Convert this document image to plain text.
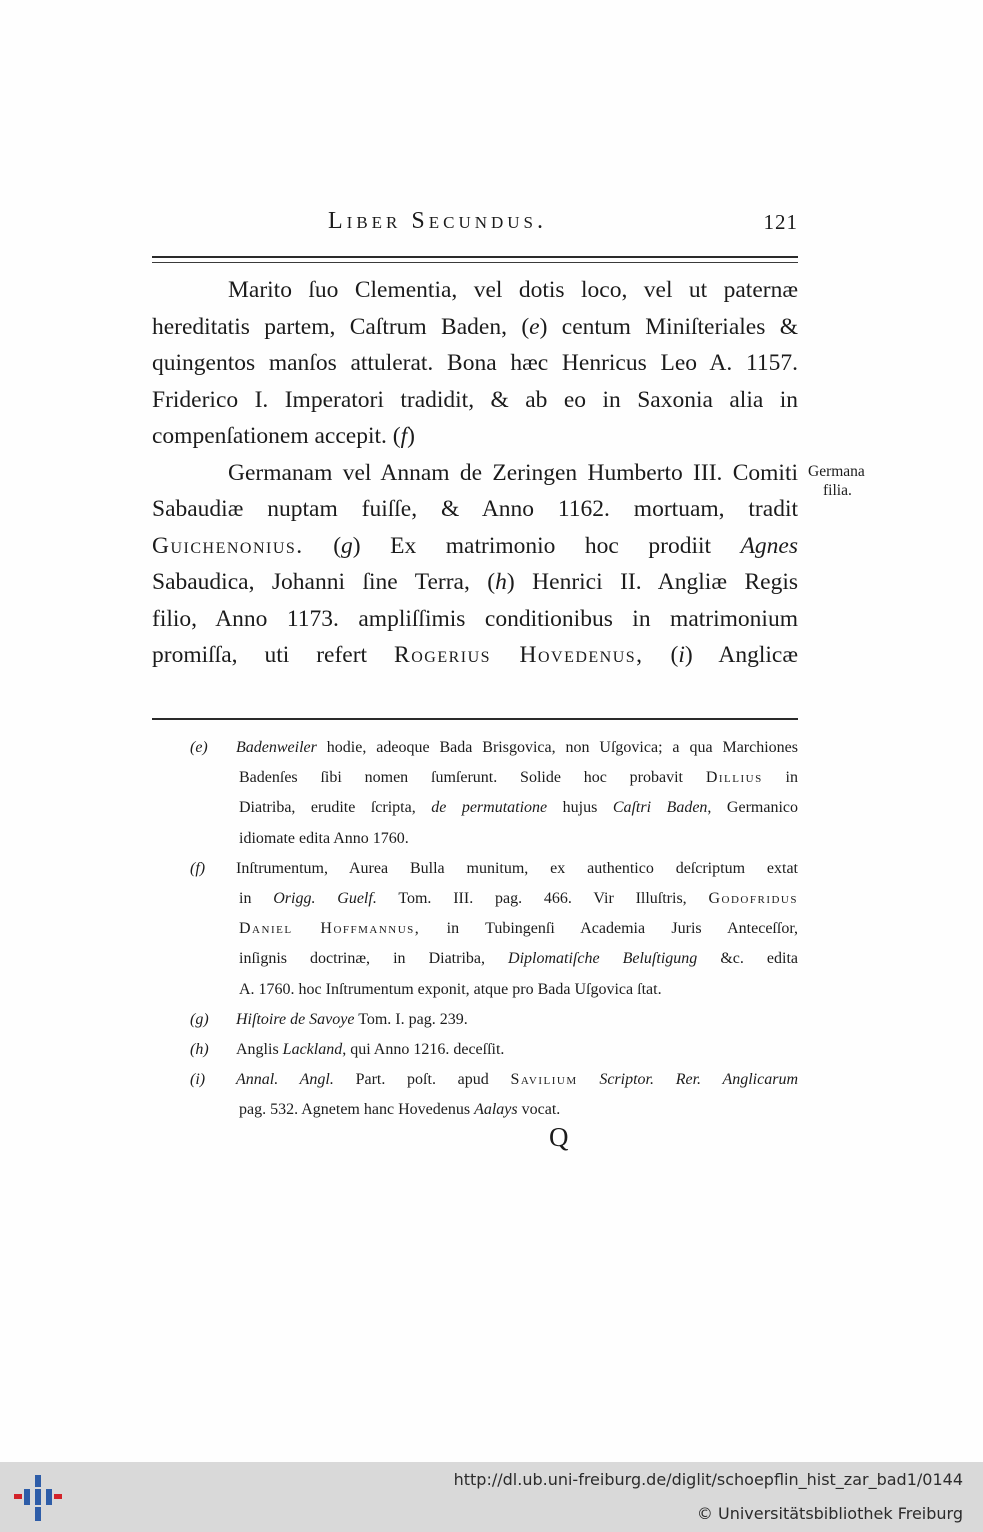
Liber Secundus.	121
Marito ſuo Clementia, vel dotis loco, vel ut paternæ
hereditatis partem, Caſtrum Baden, (e) centum Miniſteriales &
quingentos manſos attulerat. Bona hæc Henricus Leo A. 1157.
Friderico I. Imperatori tradidit, & ab eo in Saxonia alia in
compenſationem accepit. (f)
Germanam vel Annam de Zeringen Humberto III. Comiti
Sabaudiæ nuptam fuiſſe, & Anno 1162. mortuam, tradit
Guichenonius. (g) Ex matrimonio hoc prodiit Agnes
Sabaudica, Johanni ſine Terra, (h) Henrici II. Angliæ Regis
filio, Anno 1173. ampliſſimis conditionibus in matrimonium
promiſſa, uti refert Rogerius Hovedenus, (i) Anglicæ
Germana
filia.
(e) Badenweiler hodie, adeoque Bada Brisgovica, non Uſgovica; a qua Marchiones
Badenſes ſibi nomen ſumſerunt. Solide hoc probavit Dillius in
Diatriba, erudite ſcripta, de permutatione hujus Caſtri Baden, Germanico
idiomate edita Anno 1760.
(f) Inſtrumentum, Aurea Bulla munitum, ex authentico deſcriptum extat
in Origg. Guelf. Tom. III. pag. 466. Vir Illuſtris, Godofridus
Daniel Hoffmannus, in Tubingenſi Academia Juris Anteceſſor,
inſignis doctrinæ, in Diatriba, Diplomatiſche Beluſtigung &c. edita
A. 1760. hoc Inſtrumentum exponit, atque pro Bada Uſgovica ſtat.
(g) Hiſtoire de Savoye Tom. I. pag. 239.
(h) Anglis Lackland, qui Anno 1216. deceſſit.
(i) Annal. Angl. Part. poſt. apud Savilium Scriptor. Rer. Anglicarum
pag. 532. Agnetem hanc Hovedenus Aalays vocat.
Q
http://dl.ub.uni-freiburg.de/diglit/schoepflin_hist_zar_bad1/0144
© Universitätsbibliothek Freiburg
